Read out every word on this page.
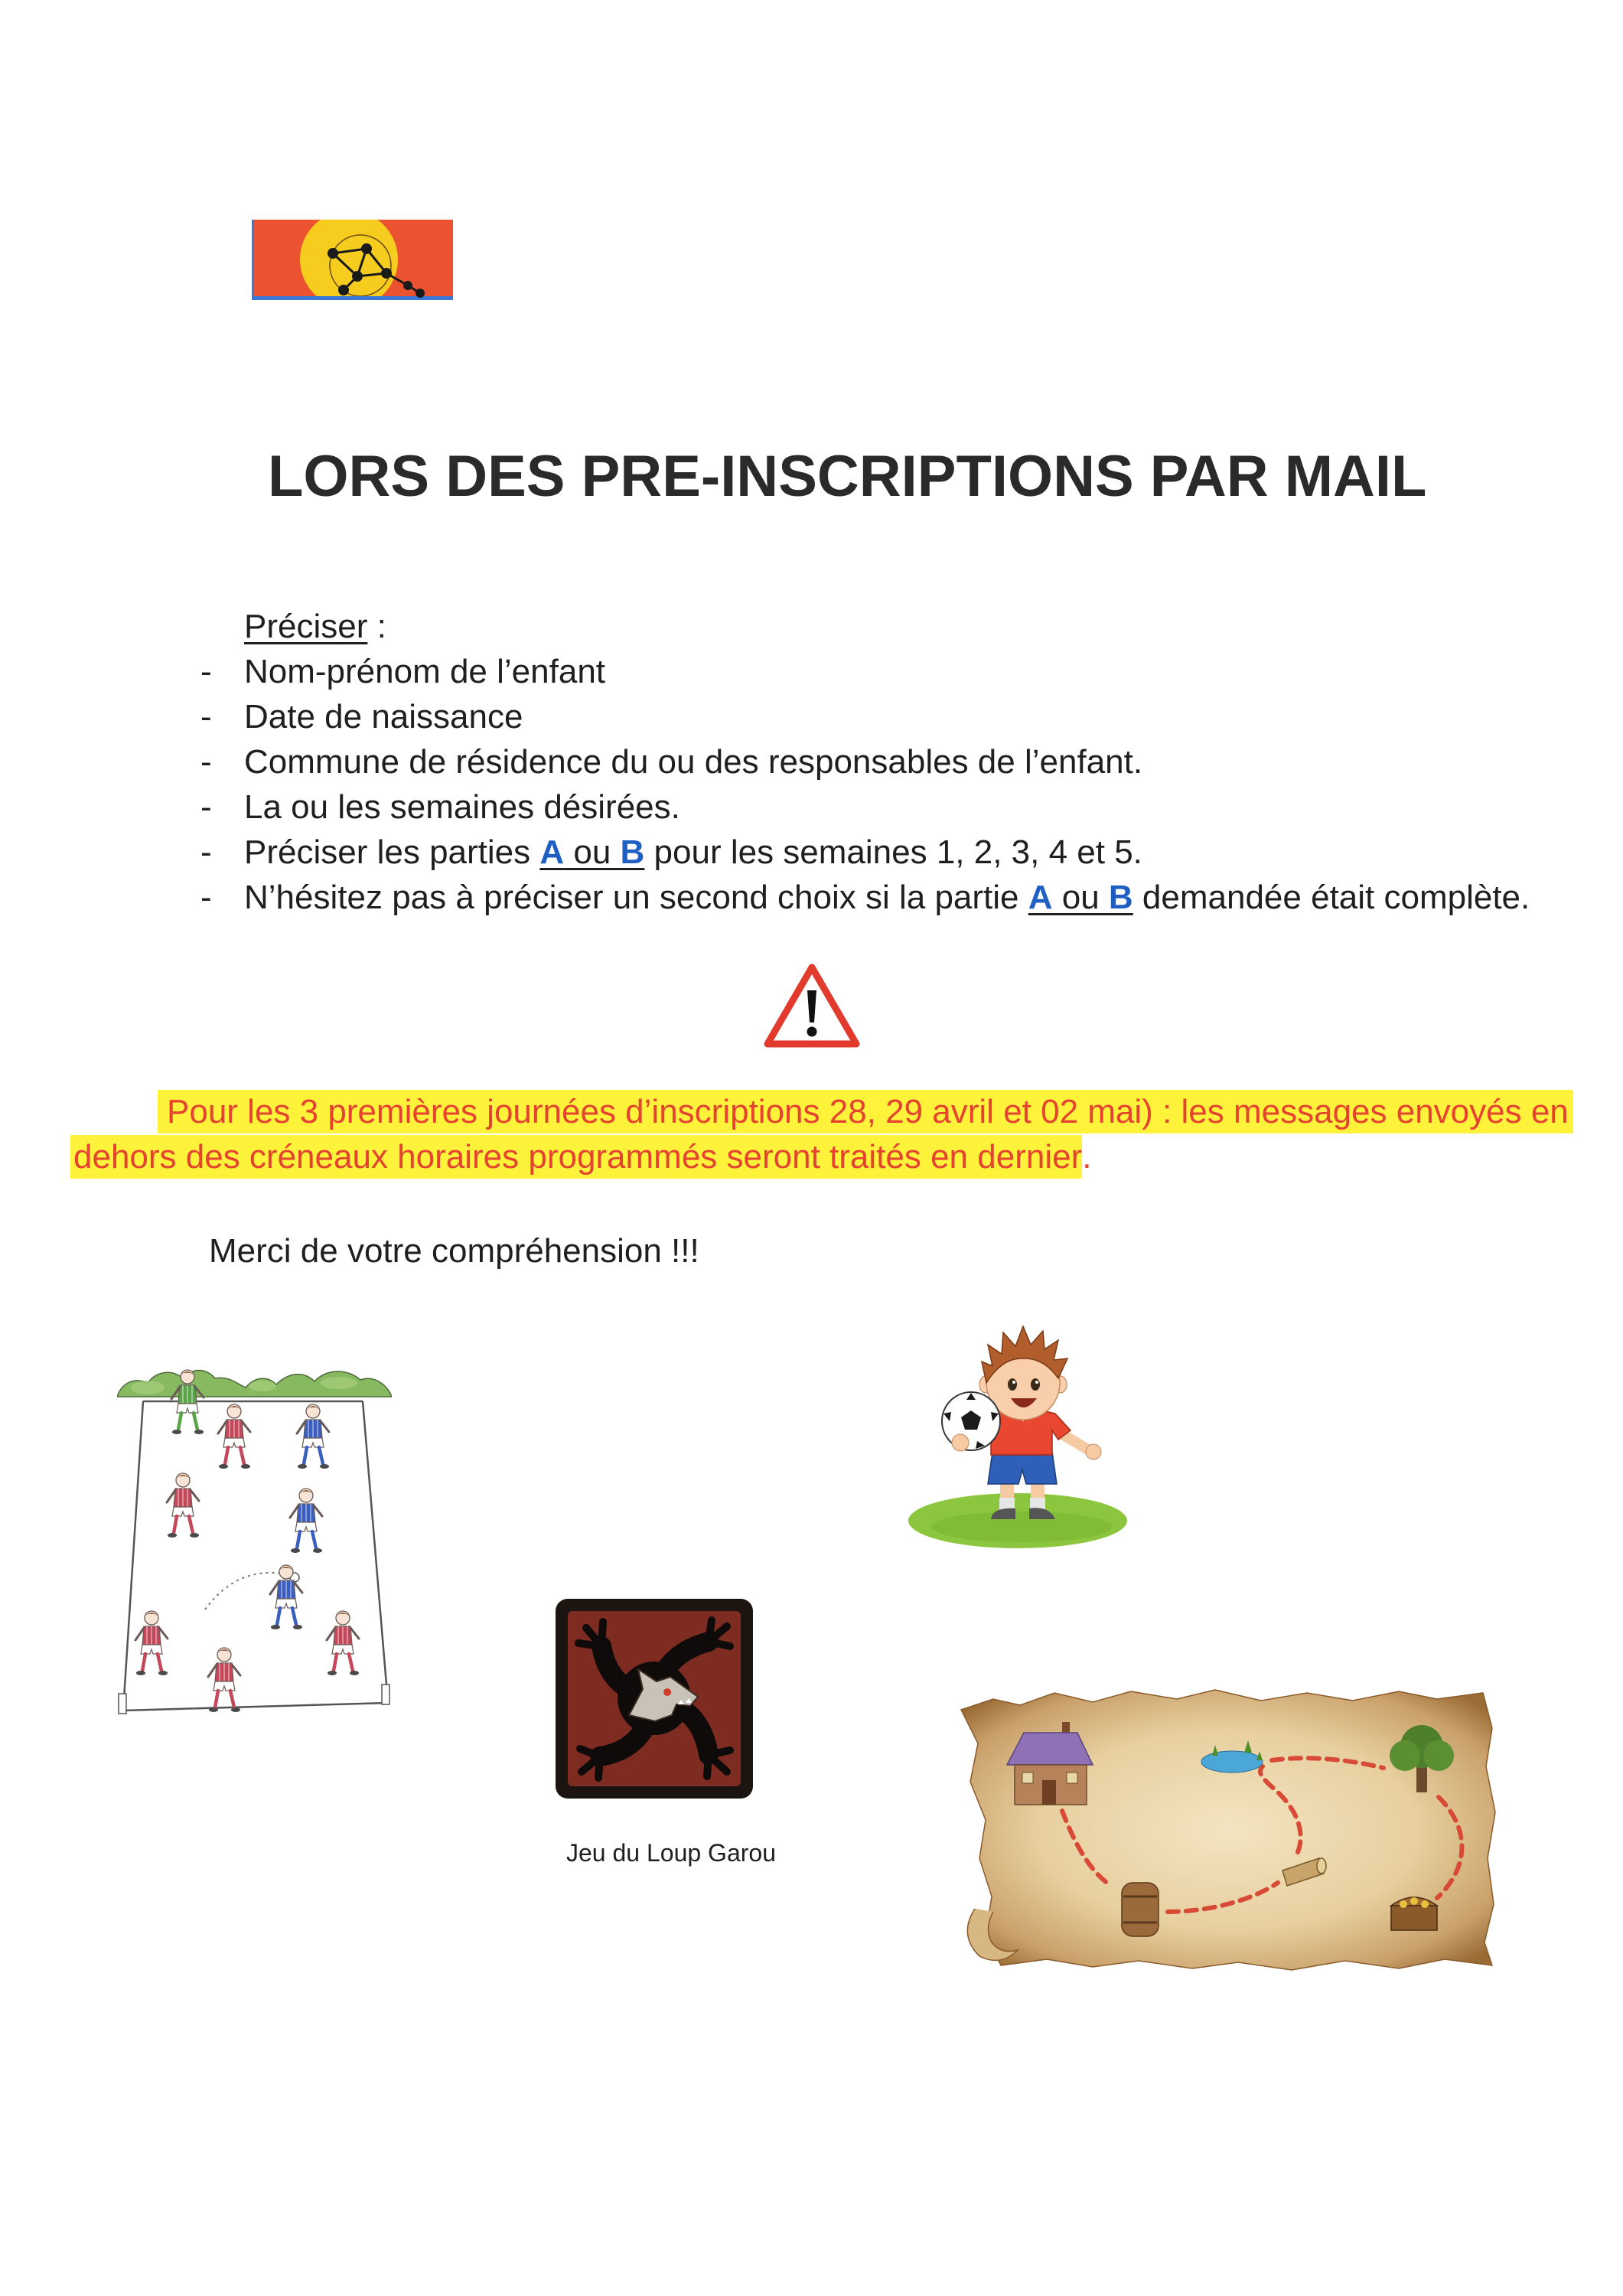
LORS DES PRE-INSCRIPTIONS PAR MAIL
Préciser :
- Nom-prénom de l’enfant
- Date de naissance
- Commune de résidence du ou des responsables de l’enfant.
- La ou les semaines désirées.
- Préciser les parties A ou B pour les semaines 1, 2, 3, 4 et 5.
- N’hésitez pas à préciser un second choix si la partie A ou B demandée était complète.
Pour les 3 premières journées d’inscriptions 28, 29 avril et 02 mai) : les messages envoyés en
dehors des créneaux horaires programmés seront traités en dernier.
Merci de votre compréhension !!!
Jeu du Loup Garou
